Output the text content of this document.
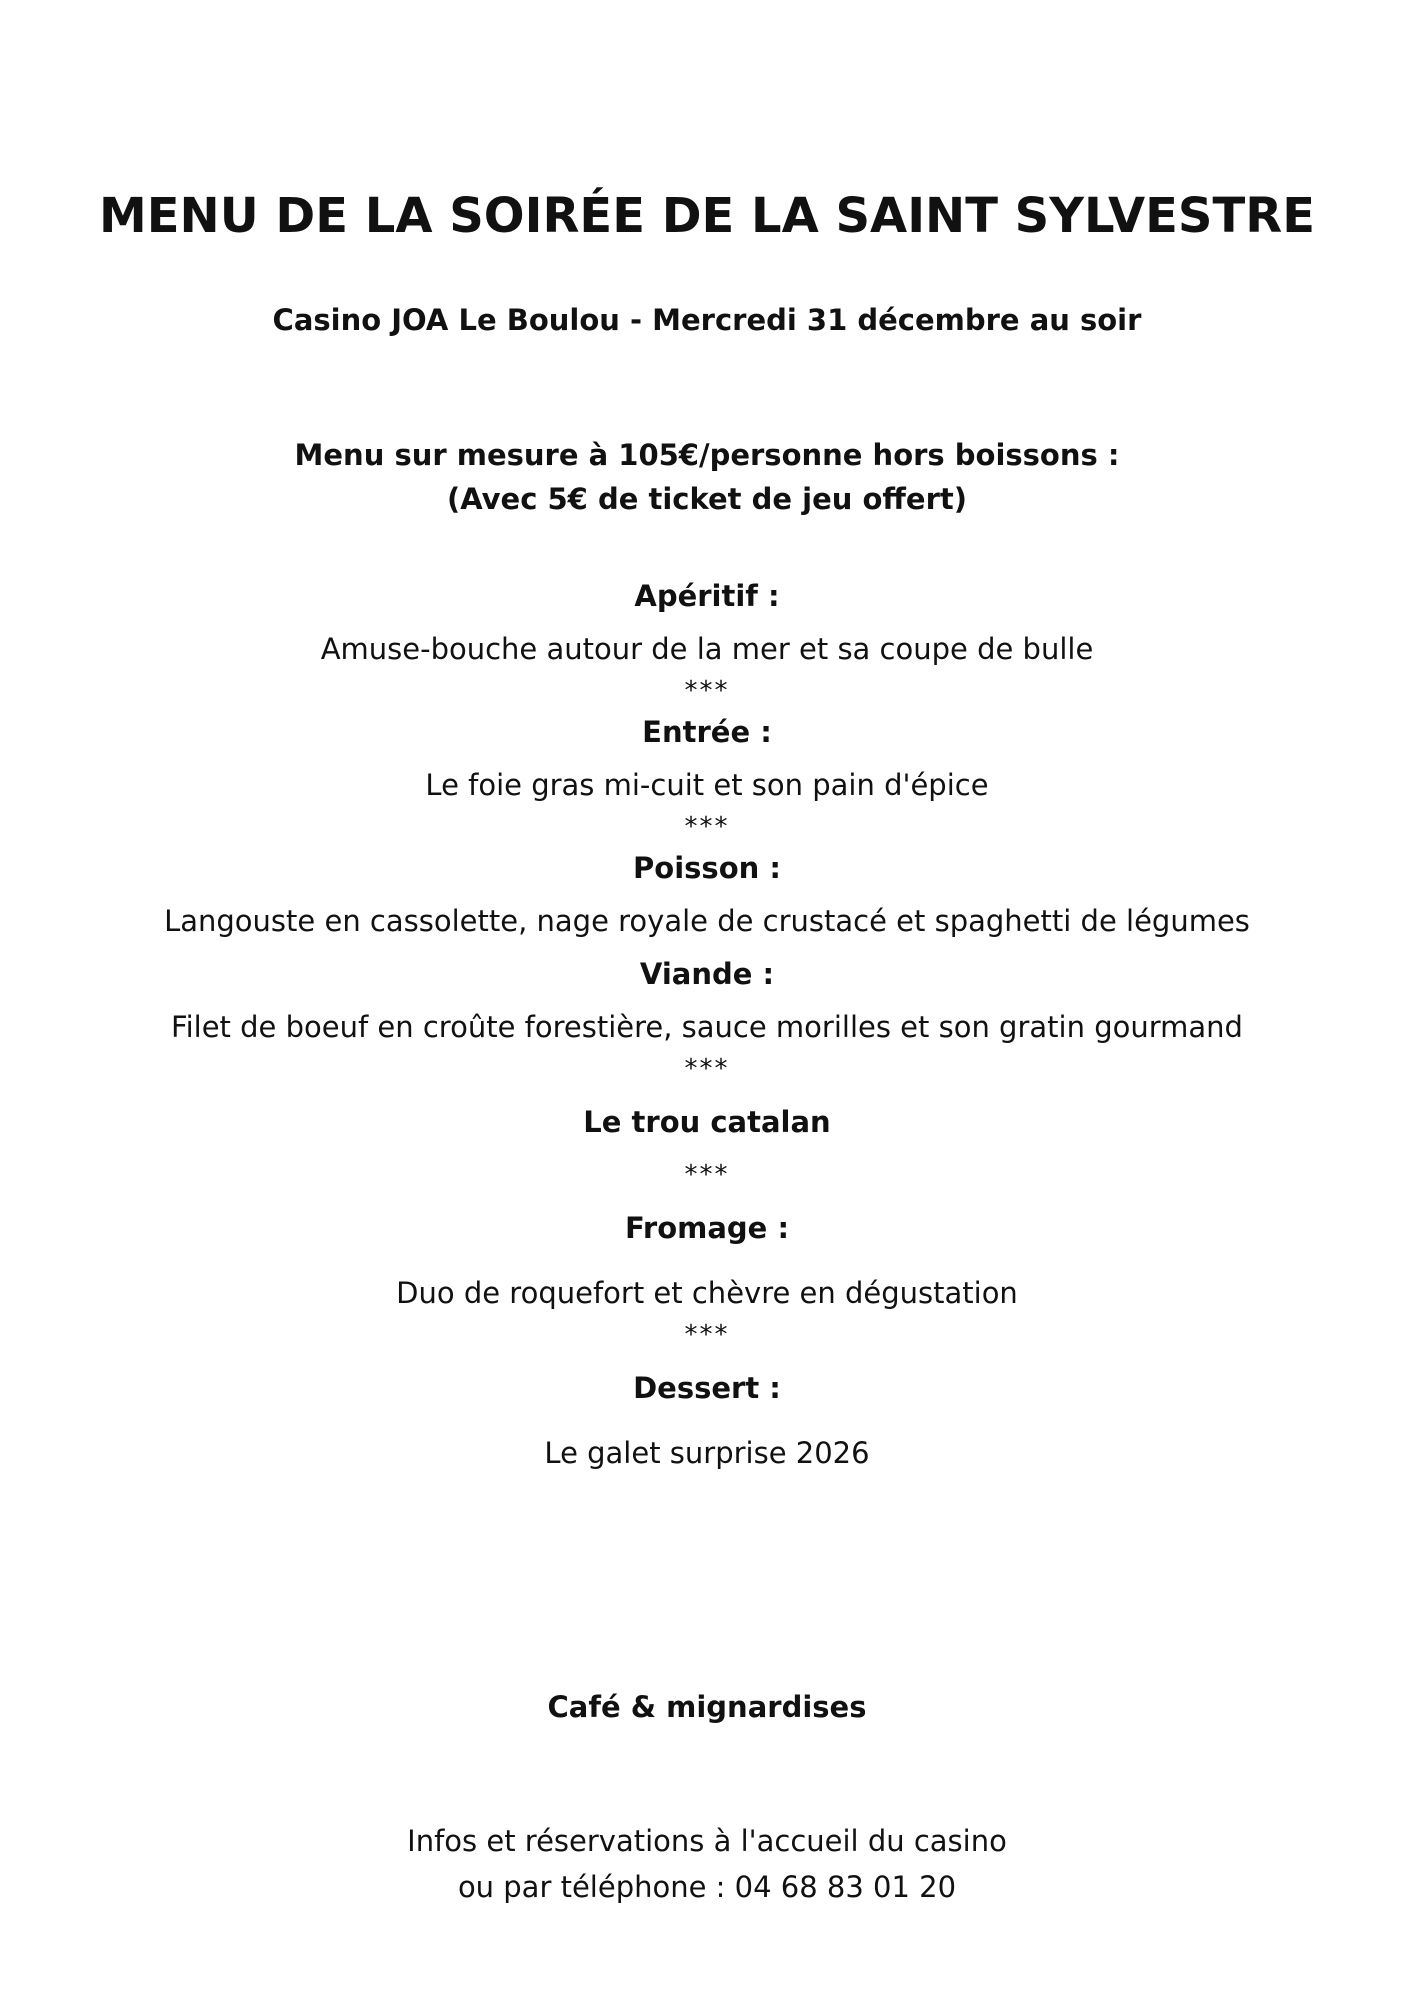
MENU DE LA SOIRÉE DE LA SAINT SYLVESTRE
Casino JOA Le Boulou - Mercredi 31 décembre au soir
Menu sur mesure à 105€/personne hors boissons :
(Avec 5€ de ticket de jeu offert)
Apéritif :
Amuse-bouche autour de la mer et sa coupe de bulle
***
Entrée :
Le foie gras mi-cuit et son pain d'épice
***
Poisson :
Langouste en cassolette, nage royale de crustacé et spaghetti de légumes
Viande :
Filet de boeuf en croûte forestière, sauce morilles et son gratin gourmand
***
Le trou catalan
***
Fromage :
Duo de roquefort et chèvre en dégustation
***
Dessert :
Le galet surprise 2026
Café & mignardises
Infos et réservations à l'accueil du casino
ou par téléphone : 04 68 83 01 20
